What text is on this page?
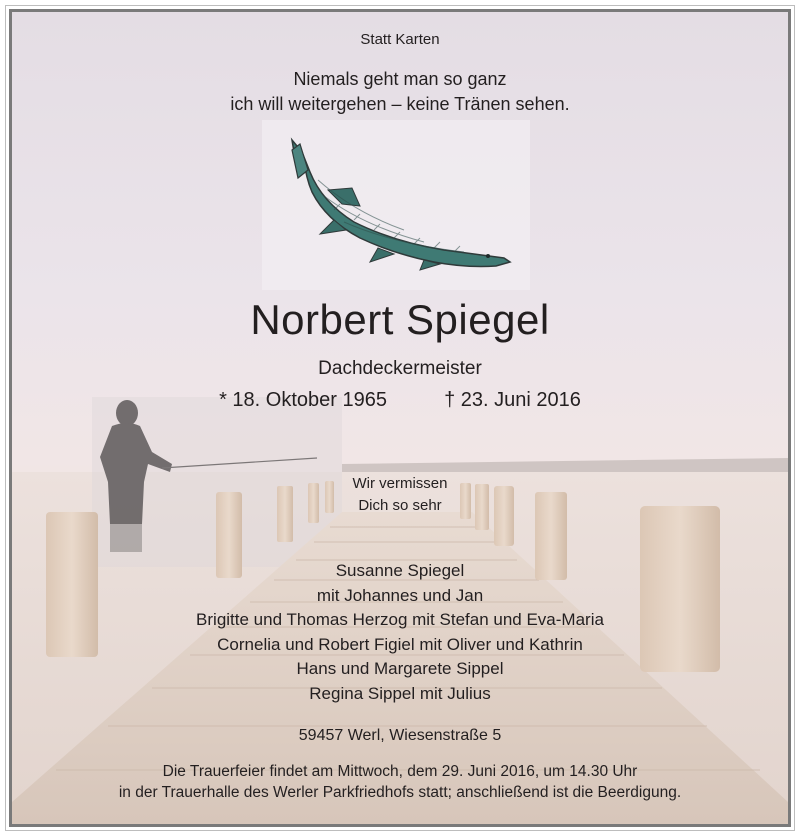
Statt Karten
Niemals geht man so ganz
ich will weitergehen – keine Tränen sehen.
Norbert Spiegel
Dachdeckermeister
* 18. Oktober 1965	† 23. Juni 2016
Wir vermissen
Dich so sehr
Susanne Spiegel
mit Johannes und Jan
Brigitte und Thomas Herzog mit Stefan und Eva-Maria
Cornelia und Robert Figiel mit Oliver und Kathrin
Hans und Margarete Sippel
Regina Sippel mit Julius
59457 Werl, Wiesenstraße 5
Die Trauerfeier findet am Mittwoch, dem 29. Juni 2016, um 14.30 Uhr
in der Trauerhalle des Werler Parkfriedhofs statt; anschließend ist die Beerdigung.
